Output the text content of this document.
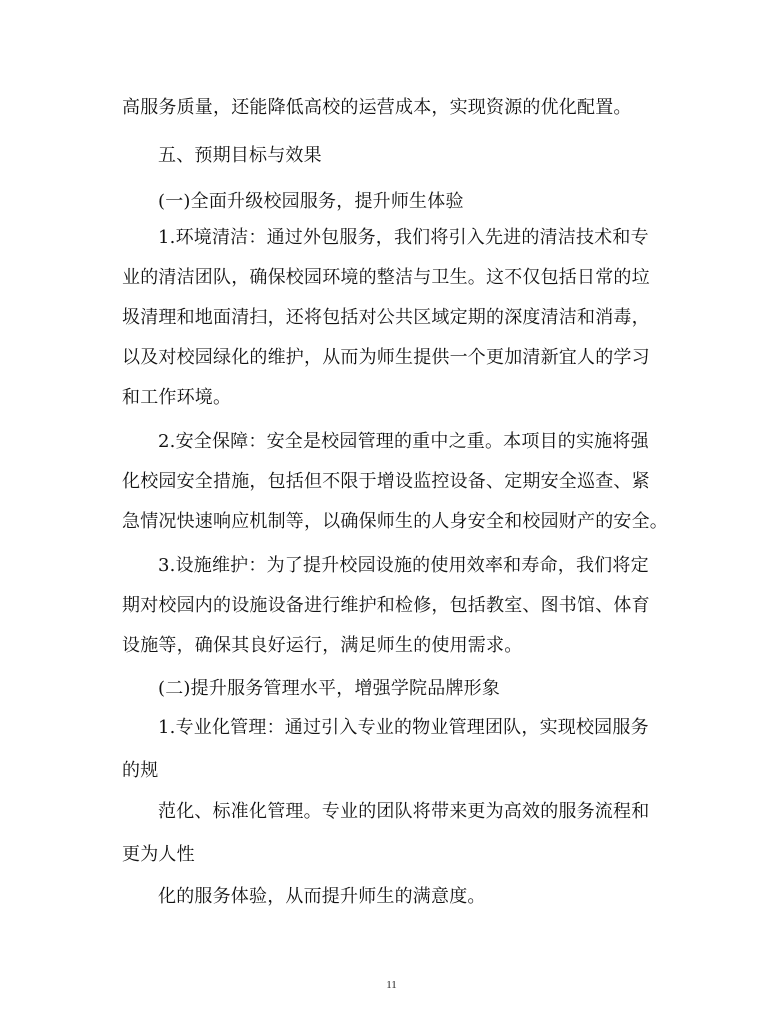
高服务质量，还能降低高校的运营成本，实现资源的优化配置。
五、预期目标与效果
(一)全面升级校园服务，提升师生体验
1.环境清洁：通过外包服务，我们将引入先进的清洁技术和专
业的清洁团队，确保校园环境的整洁与卫生。这不仅包括日常的垃
圾清理和地面清扫，还将包括对公共区域定期的深度清洁和消毒，
以及对校园绿化的维护，从而为师生提供一个更加清新宜人的学习
和工作环境。
2.安全保障：安全是校园管理的重中之重。本项目的实施将强
化校园安全措施，包括但不限于增设监控设备、定期安全巡查、紧
急情况快速响应机制等，以确保师生的人身安全和校园财产的安全。
3.设施维护：为了提升校园设施的使用效率和寿命，我们将定
期对校园内的设施设备进行维护和检修，包括教室、图书馆、体育
设施等，确保其良好运行，满足师生的使用需求。
(二)提升服务管理水平，增强学院品牌形象
1.专业化管理：通过引入专业的物业管理团队，实现校园服务
的规
范化、标准化管理。专业的团队将带来更为高效的服务流程和
更为人性
化的服务体验，从而提升师生的满意度。
11
